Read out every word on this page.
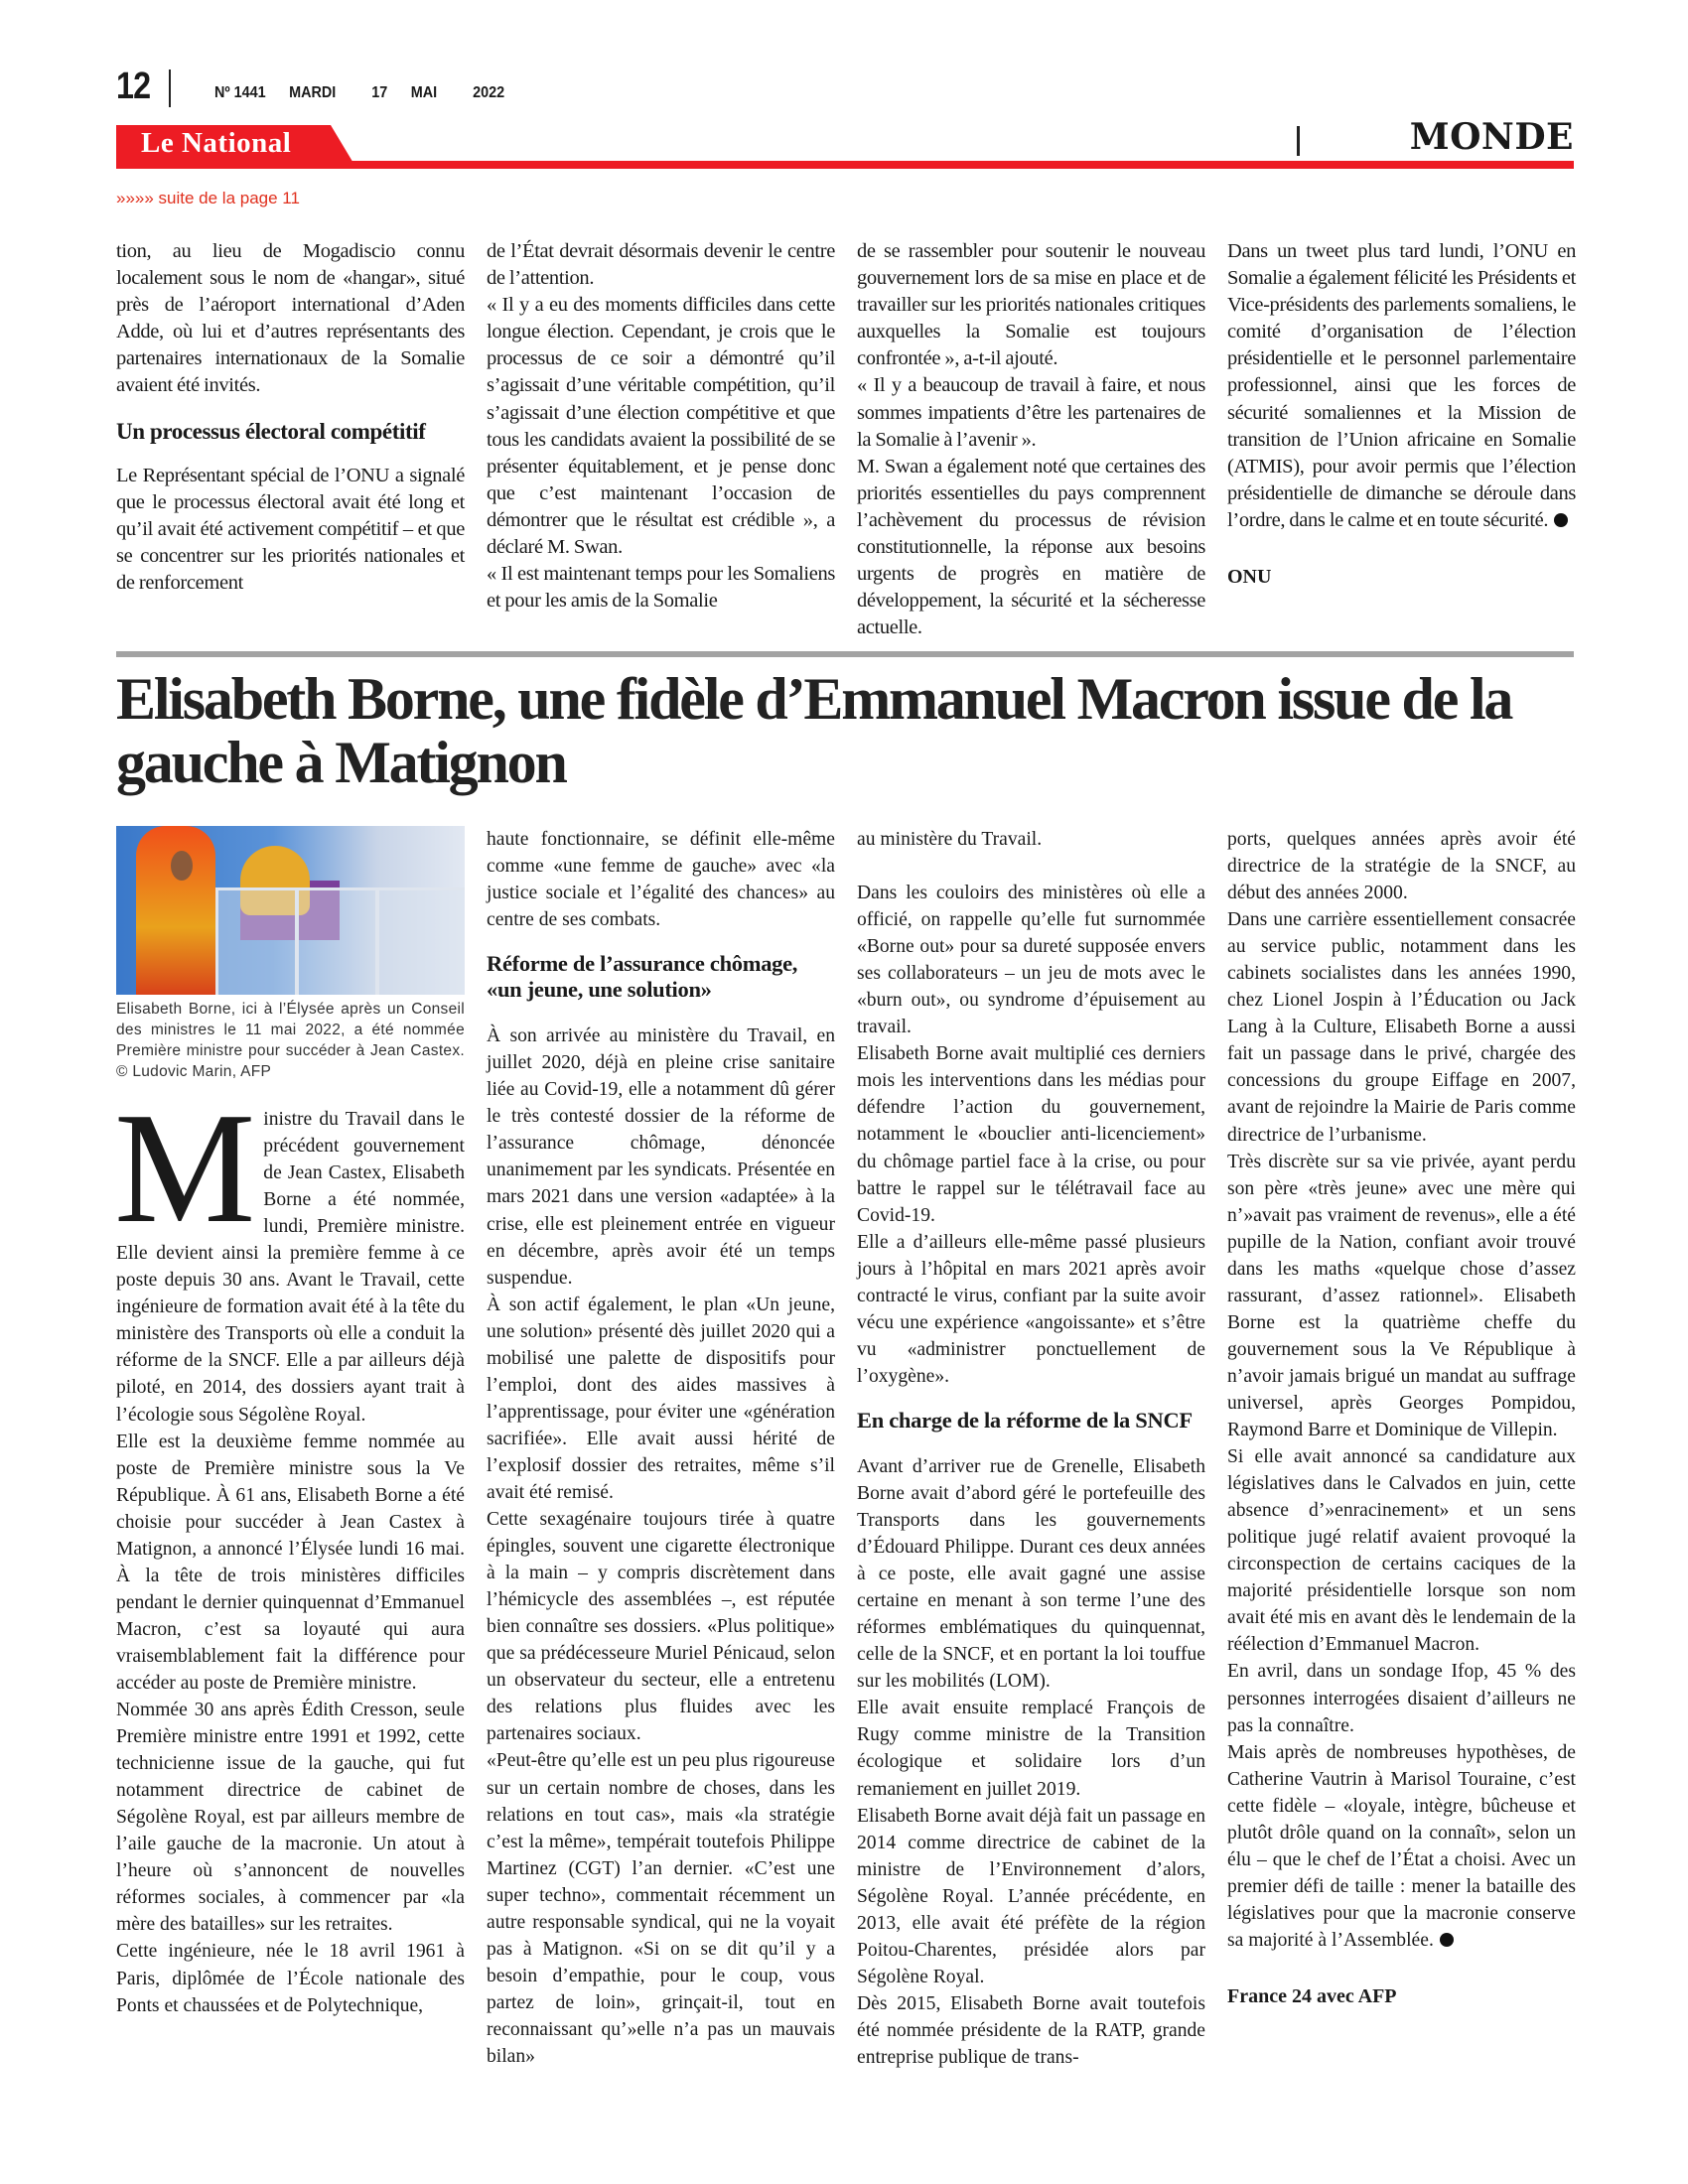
12	Nº 1441 MARDI 17 MAI 2022
Le National	MONDE
»»»» suite de la page 11

tion, au lieu de Mogadiscio connu localement sous le nom de «hangar», situé près de l’aéroport international d’Aden Adde, où lui et d’autres représentants des partenaires internationaux de la Somalie avaient été invités.

Un processus électoral compétitif

Le Représentant spécial de l’ONU a signalé que le processus électoral avait été long et qu’il avait été activement compétitif – et que se concentrer sur les priorités nationales et de renforcement

de l’État devrait désormais devenir le centre de l’attention.

« Il y a eu des moments difficiles dans cette longue élection. Cependant, je crois que le processus de ce soir a démontré qu’il s’agissait d’une véritable compétition, qu’il s’agissait d’une élection compétitive et que tous les candidats avaient la possibilité de se présenter équitablement, et je pense donc que c’est maintenant l’occasion de démontrer que le résultat est crédible », a déclaré M. Swan.

« Il est maintenant temps pour les Somaliens et pour les amis de la Somalie

de se rassembler pour soutenir le nouveau gouvernement lors de sa mise en place et de travailler sur les priorités nationales critiques auxquelles la Somalie est toujours confrontée », a-t-il ajouté.

« Il y a beaucoup de travail à faire, et nous sommes impatients d’être les partenaires de la Somalie à l’avenir ».

M. Swan a également noté que certaines des priorités essentielles du pays comprennent l’achèvement du processus de révision constitutionnelle, la réponse aux besoins urgents de progrès en matière de développement, la sécurité et la sécheresse actuelle.

Dans un tweet plus tard lundi, l’ONU en Somalie a également félicité les Présidents et Vice-présidents des parlements somaliens, le comité d’organisation de l’élection présidentielle et le personnel parlementaire professionnel, ainsi que les forces de sécurité somaliennes et la Mission de transition de l’Union africaine en Somalie (ATMIS), pour avoir permis que l’élection présidentielle de dimanche se déroule dans l’ordre, dans le calme et en toute sécurité.

ONU
Elisabeth Borne, une fidèle d’Emmanuel Macron issue de la gauche à Matignon

Elisabeth Borne, ici à l’Élysée après un Conseil des ministres le 11 mai 2022, a été nommée Première ministre pour succéder à Jean Castex. © Ludovic Marin, AFP

Ministre du Travail dans le précédent gouvernement de Jean Castex, Elisabeth Borne a été nommée, lundi, Première ministre. Elle devient ainsi la première femme à ce poste depuis 30 ans. Avant le Travail, cette ingénieure de formation avait été à la tête du ministère des Transports où elle a conduit la réforme de la SNCF. Elle a par ailleurs déjà piloté, en 2014, des dossiers ayant trait à l’écologie sous Ségolène Royal.

Elle est la deuxième femme nommée au poste de Première ministre sous la Ve République. À 61 ans, Elisabeth Borne a été choisie pour succéder à Jean Castex à Matignon, a annoncé l’Élysée lundi 16 mai. À la tête de trois ministères difficiles pendant le dernier quinquennat d’Emmanuel Macron, c’est sa loyauté qui aura vraisemblablement fait la différence pour accéder au poste de Première ministre.

Nommée 30 ans après Édith Cresson, seule Première ministre entre 1991 et 1992, cette technicienne issue de la gauche, qui fut notamment directrice de cabinet de Ségolène Royal, est par ailleurs membre de l’aile gauche de la macronie. Un atout à l’heure où s’annoncent de nouvelles réformes sociales, à commencer par «la mère des batailles» sur les retraites.

Cette ingénieure, née le 18 avril 1961 à Paris, diplômée de l’École nationale des Ponts et chaussées et de Polytechnique,

haute fonctionnaire, se définit elle-même comme «une femme de gauche» avec «la justice sociale et l’égalité des chances» au centre de ses combats.

Réforme de l’assurance chômage, «un jeune, une solution»

À son arrivée au ministère du Travail, en juillet 2020, déjà en pleine crise sanitaire liée au Covid-19, elle a notamment dû gérer le très contesté dossier de la réforme de l’assurance chômage, dénoncée unanimement par les syndicats. Présentée en mars 2021 dans une version «adaptée» à la crise, elle est pleinement entrée en vigueur en décembre, après avoir été un temps suspendue.

À son actif également, le plan «Un jeune, une solution» présenté dès juillet 2020 qui a mobilisé une palette de dispositifs pour l’emploi, dont des aides massives à l’apprentissage, pour éviter une «génération sacrifiée». Elle avait aussi hérité de l’explosif dossier des retraites, même s’il avait été remisé.

Cette sexagénaire toujours tirée à quatre épingles, souvent une cigarette électronique à la main – y compris discrètement dans l’hémicycle des assemblées –, est réputée bien connaître ses dossiers. «Plus politique» que sa prédécesseure Muriel Pénicaud, selon un observateur du secteur, elle a entretenu des relations plus fluides avec les partenaires sociaux.

«Peut-être qu’elle est un peu plus rigoureuse sur un certain nombre de choses, dans les relations en tout cas», mais «la stratégie c’est la même», tempérait toutefois Philippe Martinez (CGT) l’an dernier. «C’est une super techno», commentait récemment un autre responsable syndical, qui ne la voyait pas à Matignon. «Si on se dit qu’il y a besoin d’empathie, pour le coup, vous partez de loin», grinçait-il, tout en reconnaissant qu’»elle n’a pas un mauvais bilan»

au ministère du Travail.

Dans les couloirs des ministères où elle a officié, on rappelle qu’elle fut surnommée «Borne out» pour sa dureté supposée envers ses collaborateurs – un jeu de mots avec le «burn out», ou syndrome d’épuisement au travail.

Elisabeth Borne avait multiplié ces derniers mois les interventions dans les médias pour défendre l’action du gouvernement, notamment le «bouclier anti-licenciement» du chômage partiel face à la crise, ou pour battre le rappel sur le télétravail face au Covid-19.

Elle a d’ailleurs elle-même passé plusieurs jours à l’hôpital en mars 2021 après avoir contracté le virus, confiant par la suite avoir vécu une expérience «angoissante» et s’être vu «administrer ponctuellement de l’oxygène».

En charge de la réforme de la SNCF

Avant d’arriver rue de Grenelle, Elisabeth Borne avait d’abord géré le portefeuille des Transports dans les gouvernements d’Édouard Philippe. Durant ces deux années à ce poste, elle avait gagné une assise certaine en menant à son terme l’une des réformes emblématiques du quinquennat, celle de la SNCF, et en portant la loi touffue sur les mobilités (LOM).

Elle avait ensuite remplacé François de Rugy comme ministre de la Transition écologique et solidaire lors d’un remaniement en juillet 2019.

Elisabeth Borne avait déjà fait un passage en 2014 comme directrice de cabinet de la ministre de l’Environnement d’alors, Ségolène Royal. L’année précédente, en 2013, elle avait été préfète de la région Poitou-Charentes, présidée alors par Ségolène Royal.

Dès 2015, Elisabeth Borne avait toutefois été nommée présidente de la RATP, grande entreprise publique de trans-

ports, quelques années après avoir été directrice de la stratégie de la SNCF, au début des années 2000.

Dans une carrière essentiellement consacrée au service public, notamment dans les cabinets socialistes dans les années 1990, chez Lionel Jospin à l’Éducation ou Jack Lang à la Culture, Elisabeth Borne a aussi fait un passage dans le privé, chargée des concessions du groupe Eiffage en 2007, avant de rejoindre la Mairie de Paris comme directrice de l’urbanisme.

Très discrète sur sa vie privée, ayant perdu son père «très jeune» avec une mère qui n’»avait pas vraiment de revenus», elle a été pupille de la Nation, confiant avoir trouvé dans les maths «quelque chose d’assez rassurant, d’assez rationnel». Elisabeth Borne est la quatrième cheffe du gouvernement sous la Ve République à n’avoir jamais brigué un mandat au suffrage universel, après Georges Pompidou, Raymond Barre et Dominique de Villepin.

Si elle avait annoncé sa candidature aux législatives dans le Calvados en juin, cette absence d’»enracinement» et un sens politique jugé relatif avaient provoqué la circonspection de certains caciques de la majorité présidentielle lorsque son nom avait été mis en avant dès le lendemain de la réélection d’Emmanuel Macron.

En avril, dans un sondage Ifop, 45 % des personnes interrogées disaient d’ailleurs ne pas la connaître.

Mais après de nombreuses hypothèses, de Catherine Vautrin à Marisol Touraine, c’est cette fidèle – «loyale, intègre, bûcheuse et plutôt drôle quand on la connaît», selon un élu – que le chef de l’État a choisi. Avec un premier défi de taille : mener la bataille des législatives pour que la macronie conserve sa majorité à l’Assemblée.

France 24 avec AFP
